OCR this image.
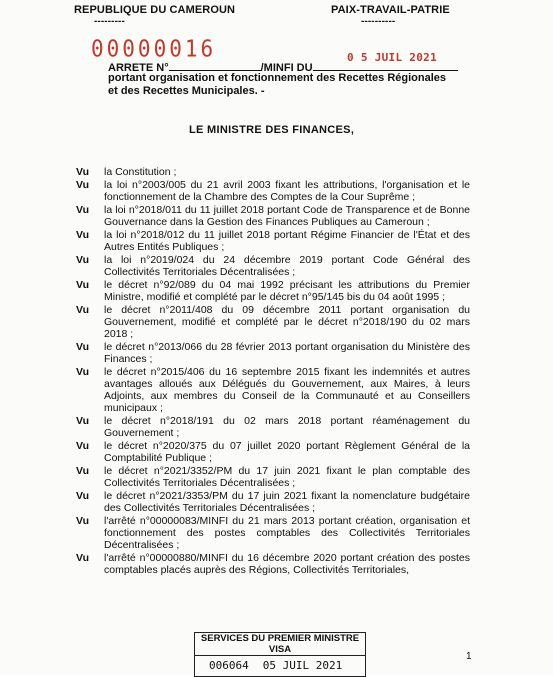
REPUBLIQUE DU CAMEROUN
---------
PAIX-TRAVAIL-PATRIE
----------
00000016	0 5 JUIL 2021
ARRETE N°	/MINFI DU
portant organisation et fonctionnement des Recettes Régionales
et des Recettes Municipales. -
LE MINISTRE DES FINANCES,
Vu	la Constitution ;
Vu	la loi n°2003/005 du 21 avril 2003 fixant les attributions, l'organisation et le fonctionnement de la Chambre des Comptes de la Cour Suprême ;
Vu	la loi n°2018/011 du 11 juillet 2018 portant Code de Transparence et de Bonne Gouvernance dans la Gestion des Finances Publiques au Cameroun ;
Vu	la loi n°2018/012 du 11 juillet 2018 portant Régime Financier de l'État et des Autres Entités Publiques ;
Vu	la loi n°2019/024 du 24 décembre 2019 portant Code Général des Collectivités Territoriales Décentralisées ;
Vu	le décret n°92/089 du 04 mai 1992 précisant les attributions du Premier Ministre, modifié et complété par le décret n°95/145 bis du 04 août 1995 ;
Vu	le décret n°2011/408 du 09 décembre 2011 portant organisation du Gouvernement, modifié et complété par le décret n°2018/190 du 02 mars 2018 ;
Vu	le décret n°2013/066 du 28 février 2013 portant organisation du Ministère des Finances ;
Vu	le décret n°2015/406 du 16 septembre 2015 fixant les indemnités et autres avantages alloués aux Délégués du Gouvernement, aux Maires, à leurs Adjoints, aux membres du Conseil de la Communauté et au Conseillers municipaux ;
Vu	le décret n°2018/191 du 02 mars 2018 portant réaménagement du Gouvernement ;
Vu	le décret n°2020/375 du 07 juillet 2020 portant Règlement Général de la Comptabilité Publique ;
Vu	le décret n°2021/3352/PM du 17 juin 2021 fixant le plan comptable des Collectivités Territoriales Décentralisées ;
Vu	le décret n°2021/3353/PM du 17 juin 2021 fixant la nomenclature budgétaire des Collectivités Territoriales Décentralisées ;
Vu	l'arrêté n°00000083/MINFI du 21 mars 2013 portant création, organisation et fonctionnement des postes comptables des Collectivités Territoriales Décentralisées ;
Vu	l'arrêté n°00000880/MINFI du 16 décembre 2020 portant création des postes comptables placés auprès des Régions, Collectivités Territoriales,
SERVICES DU PREMIER MINISTRE
VISA
006064 05 JUIL 2021
1
